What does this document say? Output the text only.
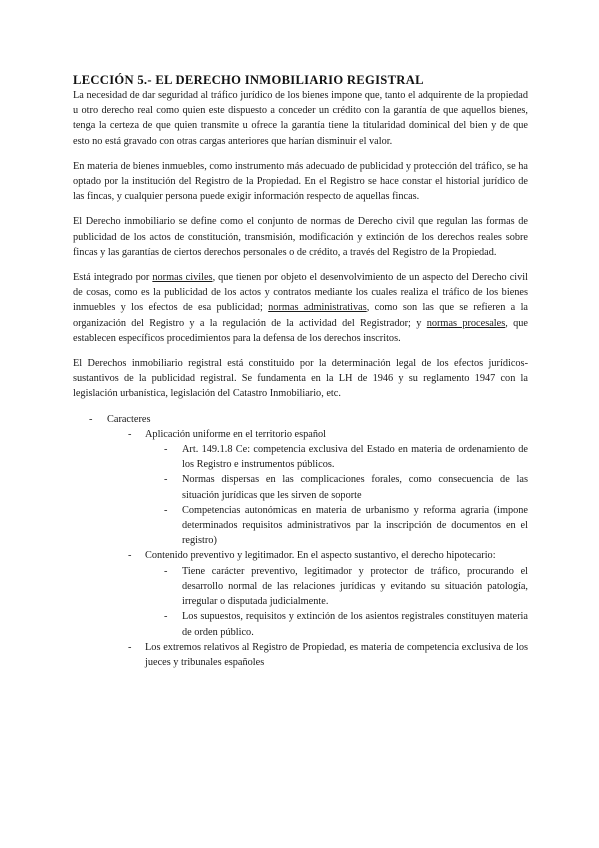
LECCIÓN 5.- EL DERECHO INMOBILIARIO REGISTRAL

La necesidad de dar seguridad al tráfico jurídico de los bienes impone que, tanto el adquirente de la propiedad u otro derecho real como quien este dispuesto a conceder un crédito con la garantía de que aquellos bienes, tenga la certeza de que quien transmite u ofrece la garantía tiene la titularidad dominical del bien y de que esto no está gravado con otras cargas anteriores que harían disminuir el valor.

En materia de bienes inmuebles, como instrumento más adecuado de publicidad y protección del tráfico, se ha optado por la institución del Registro de la Propiedad. En el Registro se hace constar el historial jurídico de las fincas, y cualquier persona puede exigir información respecto de aquellas fincas.

El Derecho inmobiliario se define como el conjunto de normas de Derecho civil que regulan las formas de publicidad de los actos de constitución, transmisión, modificación y extinción de los derechos reales sobre fincas y las garantías de ciertos derechos personales o de crédito, a través del Registro de la Propiedad.

Está integrado por normas civiles, que tienen por objeto el desenvolvimiento de un aspecto del Derecho civil de cosas, como es la publicidad de los actos y contratos mediante los cuales realiza el tráfico de los bienes inmuebles y los efectos de esa publicidad; normas administrativas, como son las que se refieren a la organización del Registro y a la regulación de la actividad del Registrador; y normas procesales, que establecen específicos procedimientos para la defensa de los derechos inscritos.

El Derechos inmobiliario registral está constituido por la determinación legal de los efectos jurídicos-sustantivos de la publicidad registral. Se fundamenta en la LH de 1946 y su reglamento 1947 con la legislación urbanística, legislación del Catastro Inmobiliario, etc.

- Caracteres
- Aplicación uniforme en el territorio español
- Art. 149.1.8 Ce: competencia exclusiva del Estado en materia de ordenamiento de los Registro e instrumentos públicos.
- Normas dispersas en las complicaciones forales, como consecuencia de las situación jurídicas que les sirven de soporte
- Competencias autonómicas en materia de urbanismo y reforma agraria (impone determinados requisitos administrativos par la inscripción de documentos en el registro)
- Contenido preventivo y legitimador. En el aspecto sustantivo, el derecho hipotecario:
- Tiene carácter preventivo, legitimador y protector de tráfico, procurando el desarrollo normal de las relaciones jurídicas y evitando su situación patología, irregular o disputada judicialmente.
- Los supuestos, requisitos y extinción de los asientos registrales constituyen materia de orden público.
- Los extremos relativos al Registro de Propiedad, es materia de competencia exclusiva de los jueces y tribunales españoles
